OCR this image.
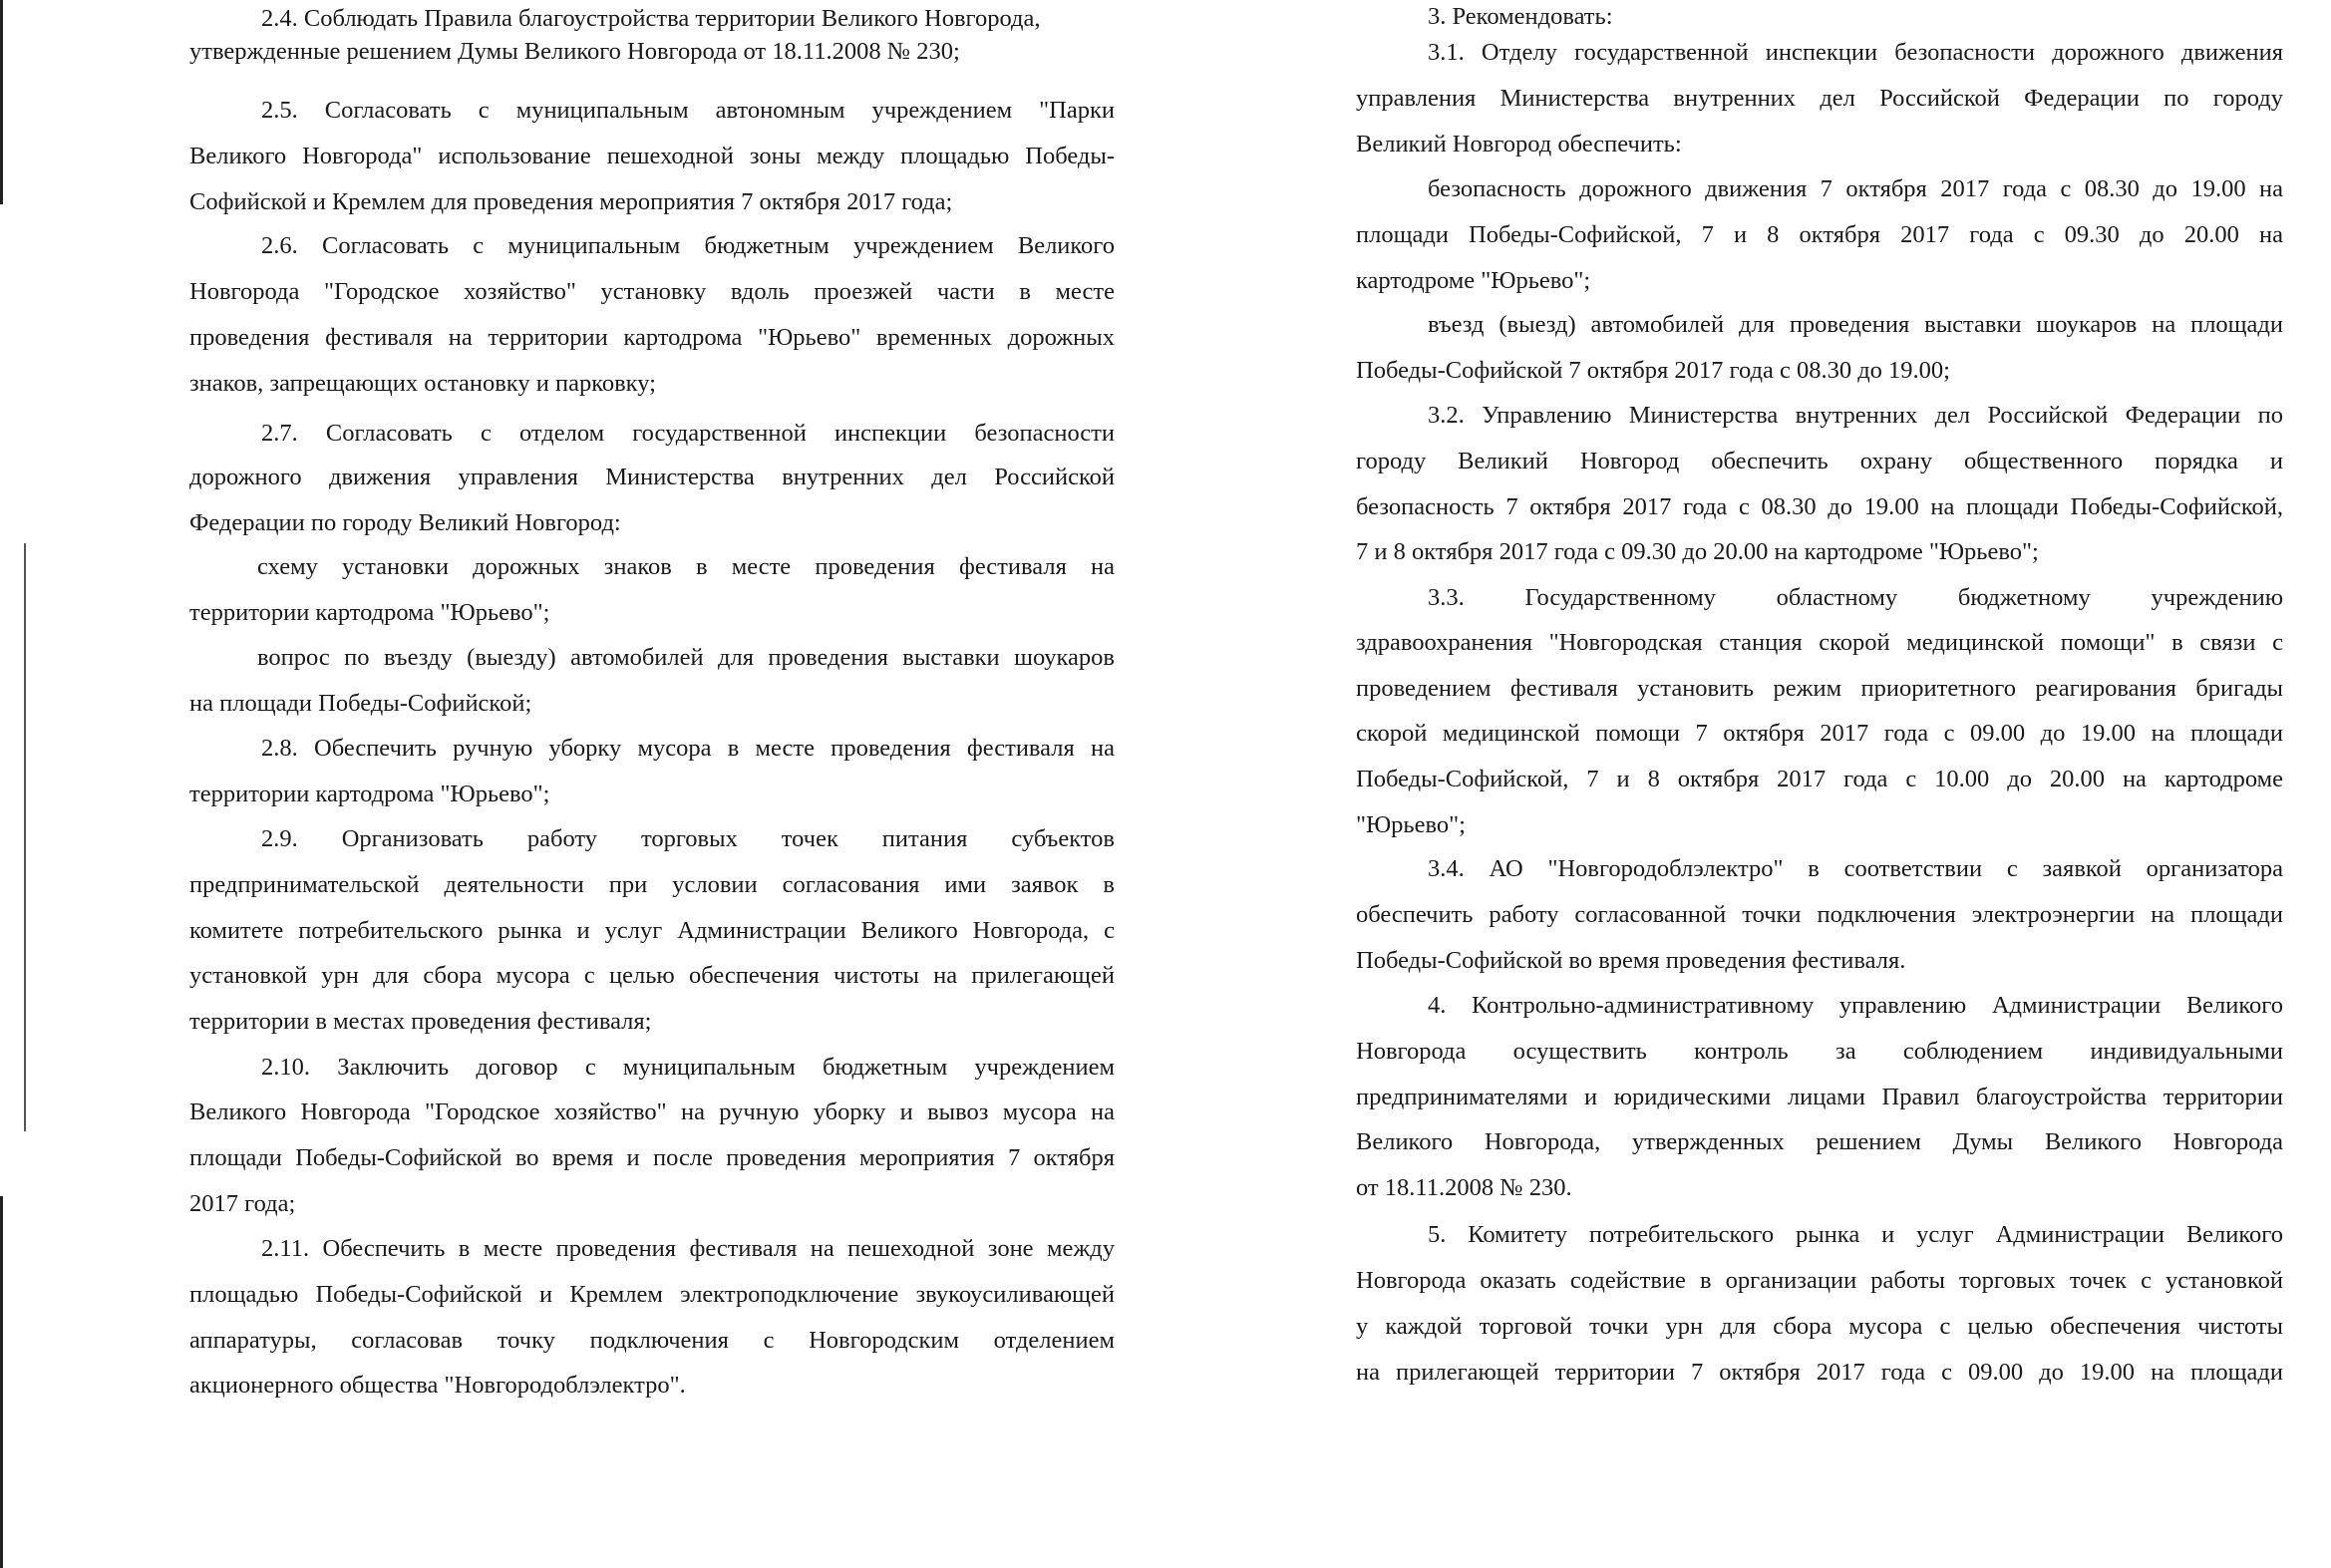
2.4. Соблюдать Правила благоустройства территории Великого Новгорода,
утвержденные решением Думы Великого Новгорода от 18.11.2008 № 230;
2.5. Согласовать с муниципальным автономным учреждением "Парки
Великого Новгорода" использование пешеходной зоны между площадью Победы-
Софийской и Кремлем для проведения мероприятия 7 октября 2017 года;
2.6. Согласовать с муниципальным бюджетным учреждением Великого
Новгорода "Городское хозяйство" установку вдоль проезжей части в месте
проведения фестиваля на территории картодрома "Юрьево" временных дорожных
знаков, запрещающих остановку и парковку;
2.7. Согласовать с отделом государственной инспекции безопасности
дорожного движения управления Министерства внутренних дел Российской
Федерации по городу Великий Новгород:
схему установки дорожных знаков в месте проведения фестиваля на
территории картодрома "Юрьево";
вопрос по въезду (выезду) автомобилей для проведения выставки шоукаров
на площади Победы-Софийской;
2.8. Обеспечить ручную уборку мусора в месте проведения фестиваля на
территории картодрома "Юрьево";
2.9. Организовать работу торговых точек питания субъектов
предпринимательской деятельности при условии согласования ими заявок в
комитете потребительского рынка и услуг Администрации Великого Новгорода, с
установкой урн для сбора мусора с целью обеспечения чистоты на прилегающей
территории в местах проведения фестиваля;
2.10. Заключить договор с муниципальным бюджетным учреждением
Великого Новгорода "Городское хозяйство" на ручную уборку и вывоз мусора на
площади Победы-Софийской во время и после проведения мероприятия 7 октября
2017 года;
2.11. Обеспечить в месте проведения фестиваля на пешеходной зоне между
площадью Победы-Софийской и Кремлем электроподключение звукоусиливающей
аппаратуры, согласовав точку подключения с Новгородским отделением
акционерного общества "Новгородоблэлектро".
3. Рекомендовать:
3.1. Отделу государственной инспекции безопасности дорожного движения
управления Министерства внутренних дел Российской Федерации по городу
Великий Новгород обеспечить:
безопасность дорожного движения 7 октября 2017 года с 08.30 до 19.00 на
площади Победы-Софийской, 7 и 8 октября 2017 года с 09.30 до 20.00 на
картодроме "Юрьево";
въезд (выезд) автомобилей для проведения выставки шоукаров на площади
Победы-Софийской 7 октября 2017 года с 08.30 до 19.00;
3.2. Управлению Министерства внутренних дел Российской Федерации по
городу Великий Новгород обеспечить охрану общественного порядка и
безопасность 7 октября 2017 года с 08.30 до 19.00 на площади Победы-Софийской,
7 и 8 октября 2017 года с 09.30 до 20.00 на картодроме "Юрьево";
3.3. Государственному областному бюджетному учреждению
здравоохранения "Новгородская станция скорой медицинской помощи" в связи с
проведением фестиваля установить режим приоритетного реагирования бригады
скорой медицинской помощи 7 октября 2017 года с 09.00 до 19.00 на площади
Победы-Софийской, 7 и 8 октября 2017 года с 10.00 до 20.00 на картодроме
"Юрьево";
3.4. АО "Новгородоблэлектро" в соответствии с заявкой организатора
обеспечить работу согласованной точки подключения электроэнергии на площади
Победы-Софийской во время проведения фестиваля.
4. Контрольно-административному управлению Администрации Великого
Новгорода осуществить контроль за соблюдением индивидуальными
предпринимателями и юридическими лицами Правил благоустройства территории
Великого Новгорода, утвержденных решением Думы Великого Новгорода
от 18.11.2008 № 230.
5. Комитету потребительского рынка и услуг Администрации Великого
Новгорода оказать содействие в организации работы торговых точек с установкой
у каждой торговой точки урн для сбора мусора с целью обеспечения чистоты
на прилегающей территории 7 октября 2017 года с 09.00 до 19.00 на площади
